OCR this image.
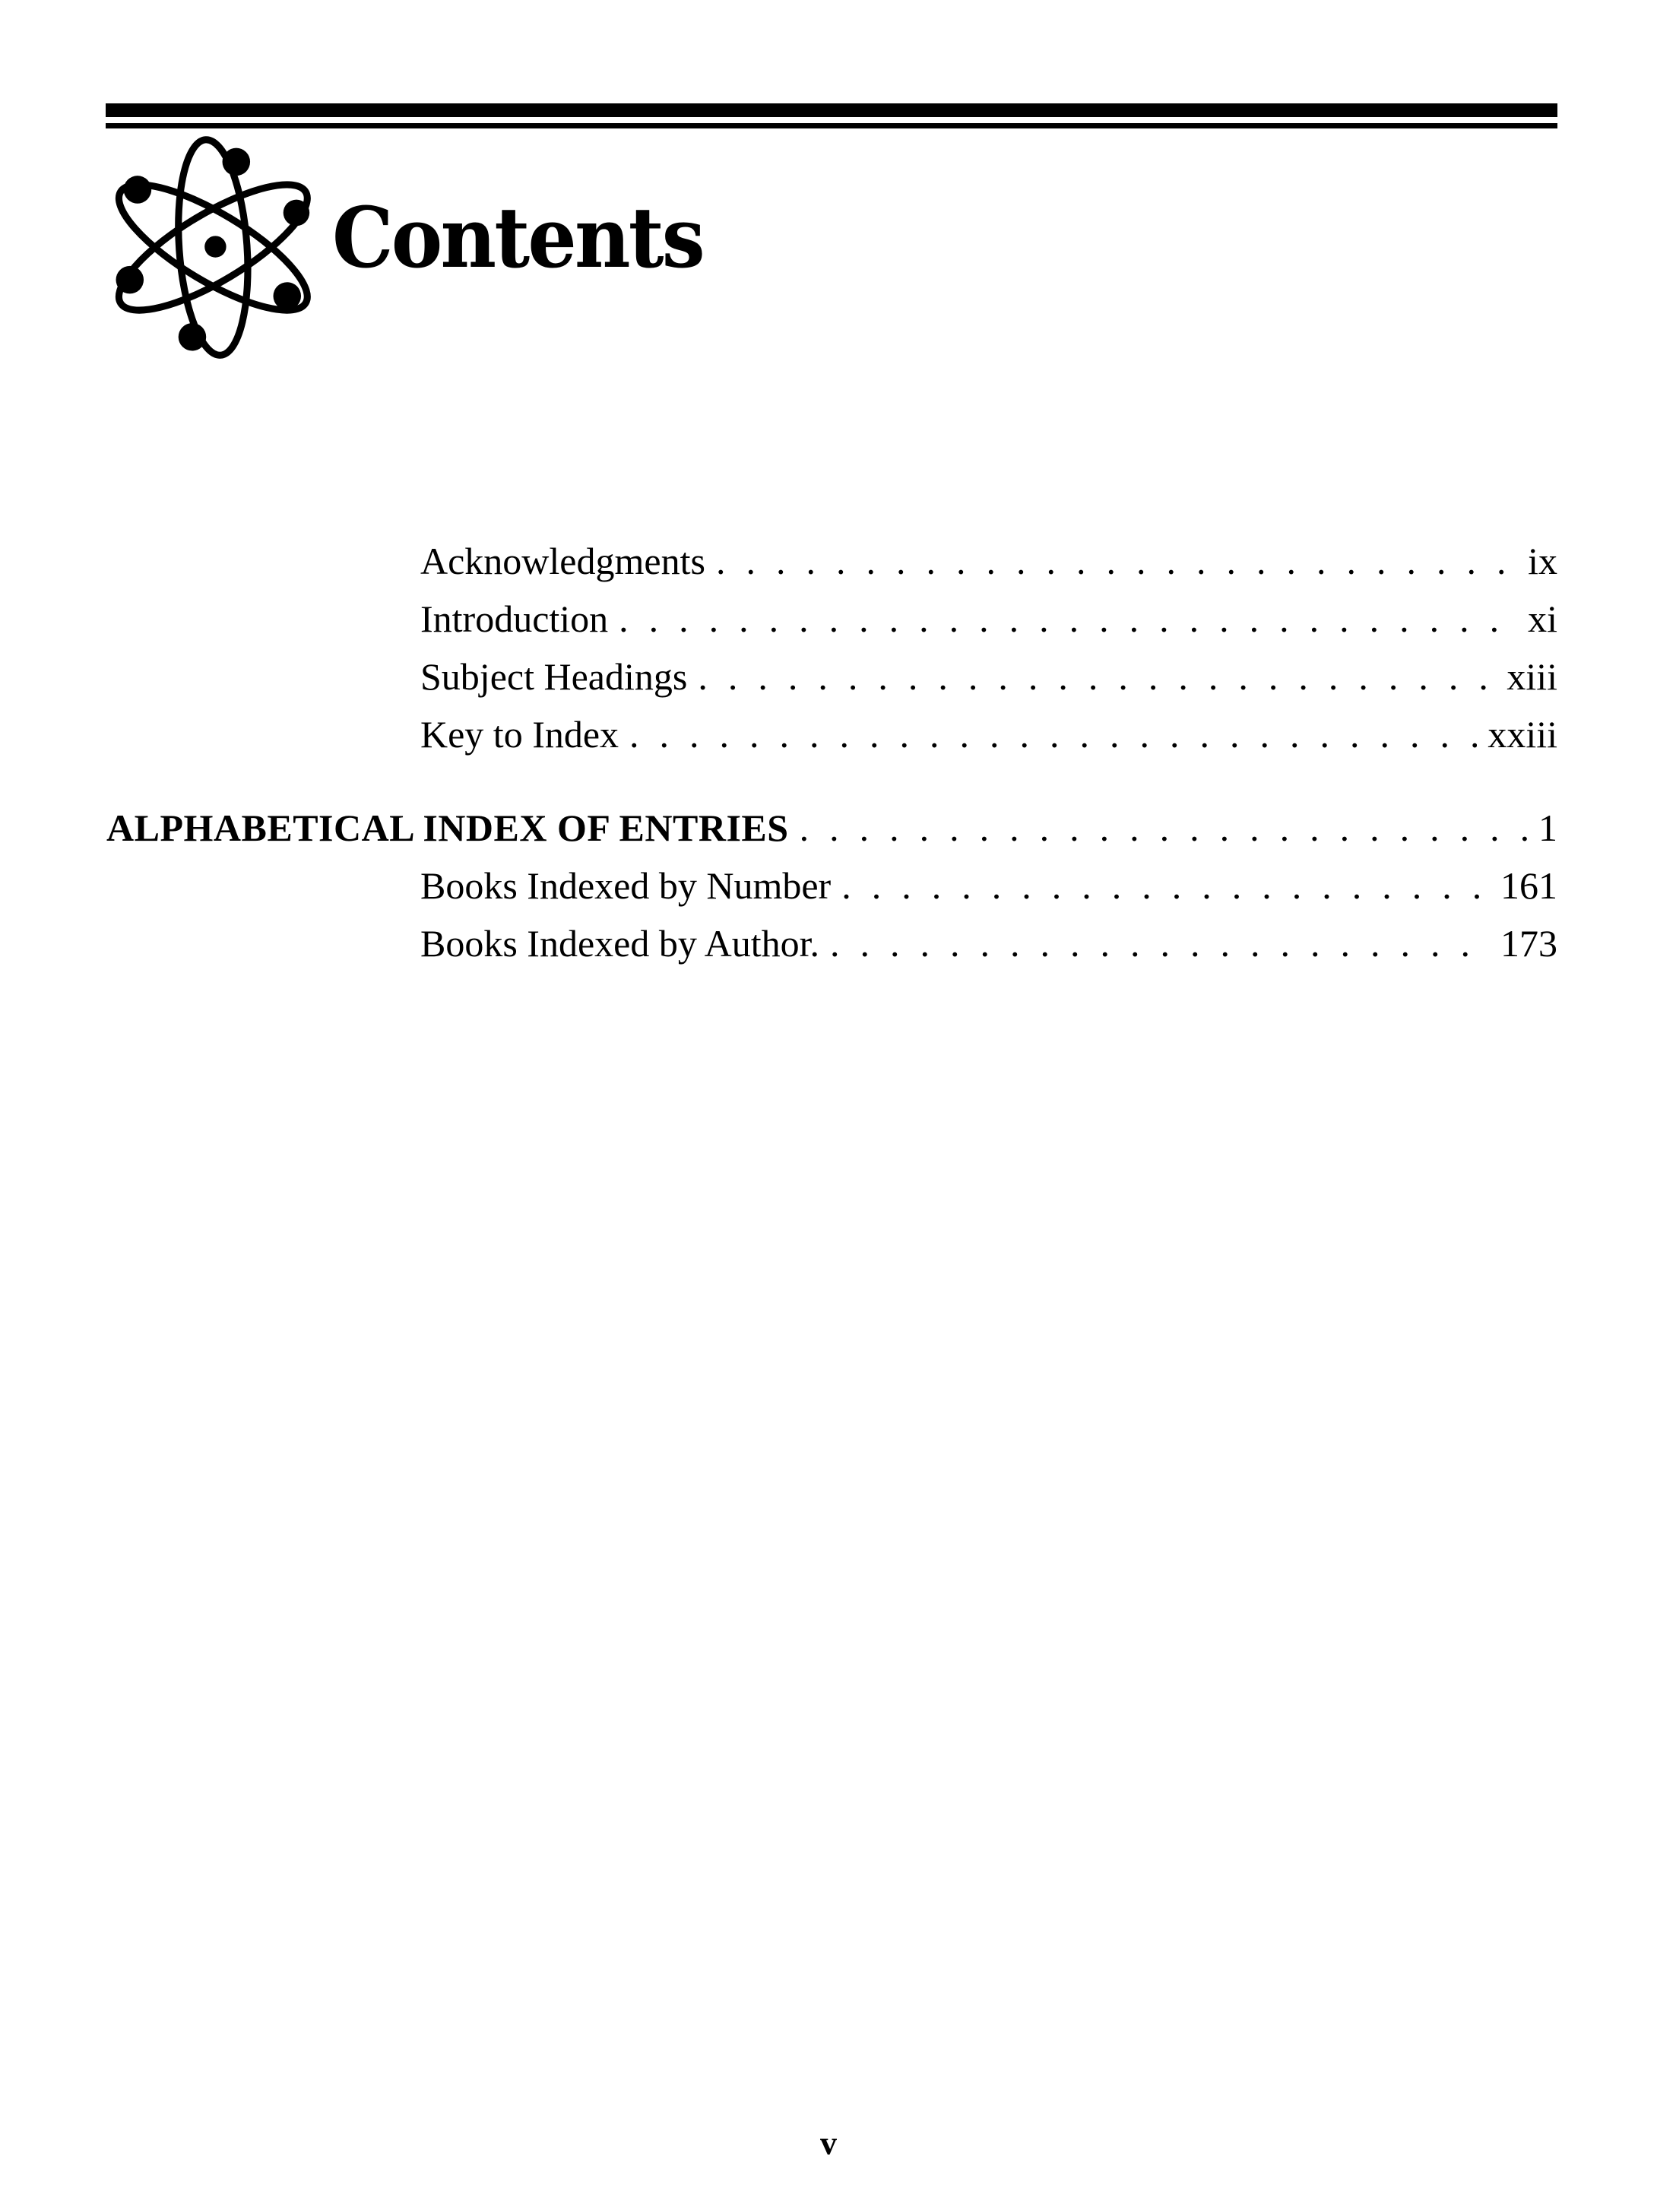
Contents
Acknowledgments .....	ix
Introduction .....	xi
Subject Headings .....	xiii
Key to Index .....	xxiii
ALPHABETICAL INDEX OF ENTRIES .....	1
Books Indexed by Number .....	161
Books Indexed by Author. .....	173
v
